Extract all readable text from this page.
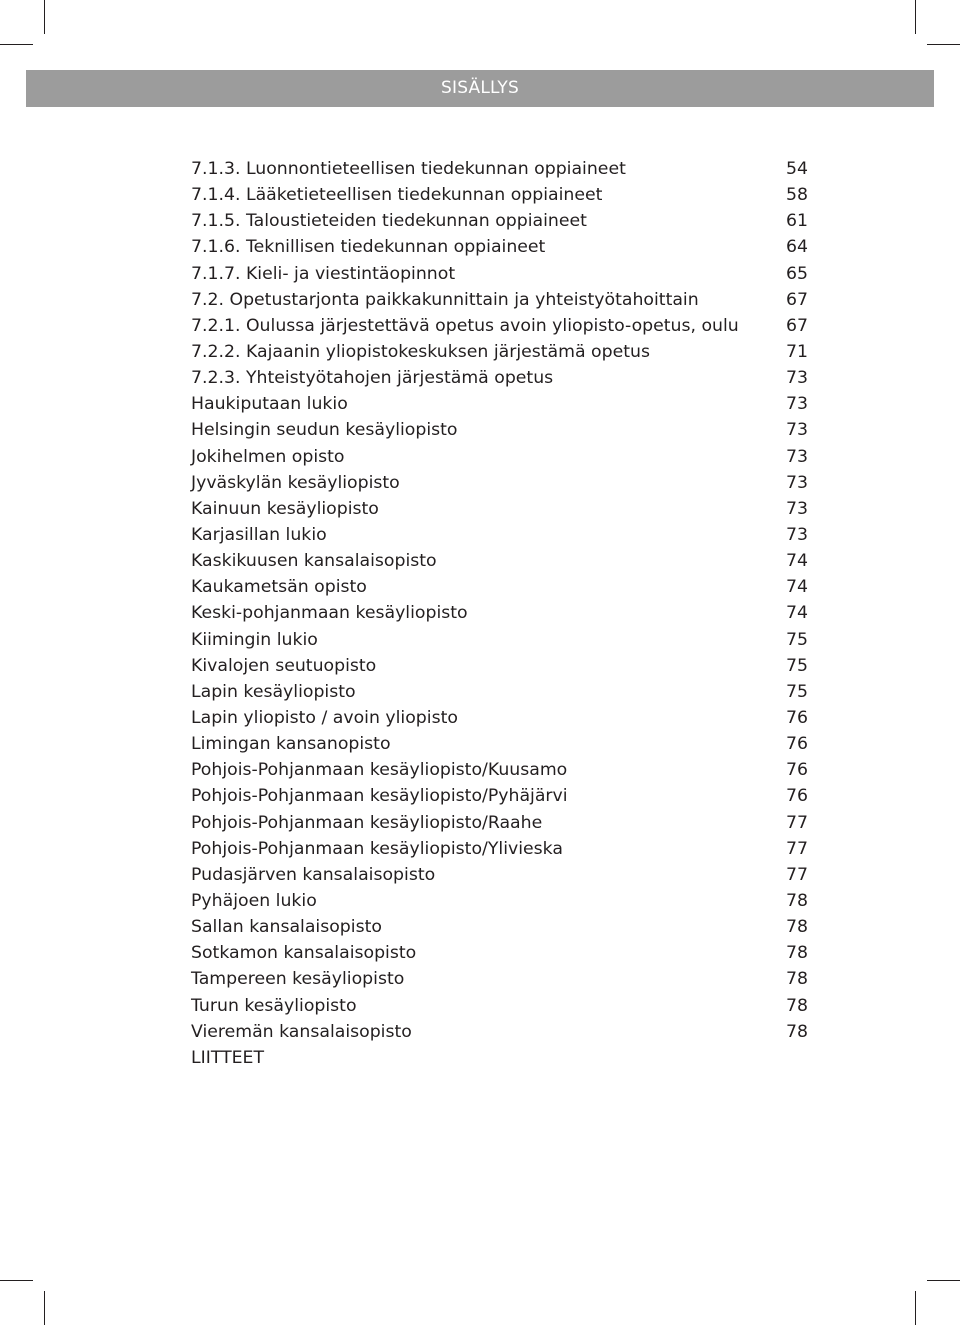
SISÄLLYS
7.1.3. Luonnontieteellisen tiedekunnan oppiaineet	54
7.1.4. Lääketieteellisen tiedekunnan oppiaineet	58
7.1.5. Taloustieteiden tiedekunnan oppiaineet	61
7.1.6. Teknillisen tiedekunnan oppiaineet	64
7.1.7. Kieli- ja viestintäopinnot	65
7.2. Opetustarjonta paikkakunnittain ja yhteistyötahoittain	67
7.2.1. Oulussa järjestettävä opetus avoin yliopisto-opetus, oulu	67
7.2.2. Kajaanin yliopistokeskuksen järjestämä opetus	71
7.2.3. Yhteistyötahojen järjestämä opetus	73
Haukiputaan lukio	73
Helsingin seudun kesäyliopisto	73
Jokihelmen opisto	73
Jyväskylän kesäyliopisto	73
Kainuun kesäyliopisto	73
Karjasillan lukio	73
Kaskikuusen kansalaisopisto	74
Kaukametsän opisto	74
Keski-pohjanmaan kesäyliopisto	74
Kiimingin lukio	75
Kivalojen seutuopisto	75
Lapin kesäyliopisto	75
Lapin yliopisto / avoin yliopisto	76
Limingan kansanopisto	76
Pohjois-Pohjanmaan kesäyliopisto/Kuusamo	76
Pohjois-Pohjanmaan kesäyliopisto/Pyhäjärvi	76
Pohjois-Pohjanmaan kesäyliopisto/Raahe	77
Pohjois-Pohjanmaan kesäyliopisto/Ylivieska	77
Pudasjärven kansalaisopisto	77
Pyhäjoen lukio	78
Sallan kansalaisopisto	78
Sotkamon kansalaisopisto	78
Tampereen kesäyliopisto	78
Turun kesäyliopisto	78
Vieremän kansalaisopisto	78
LIITTEET
